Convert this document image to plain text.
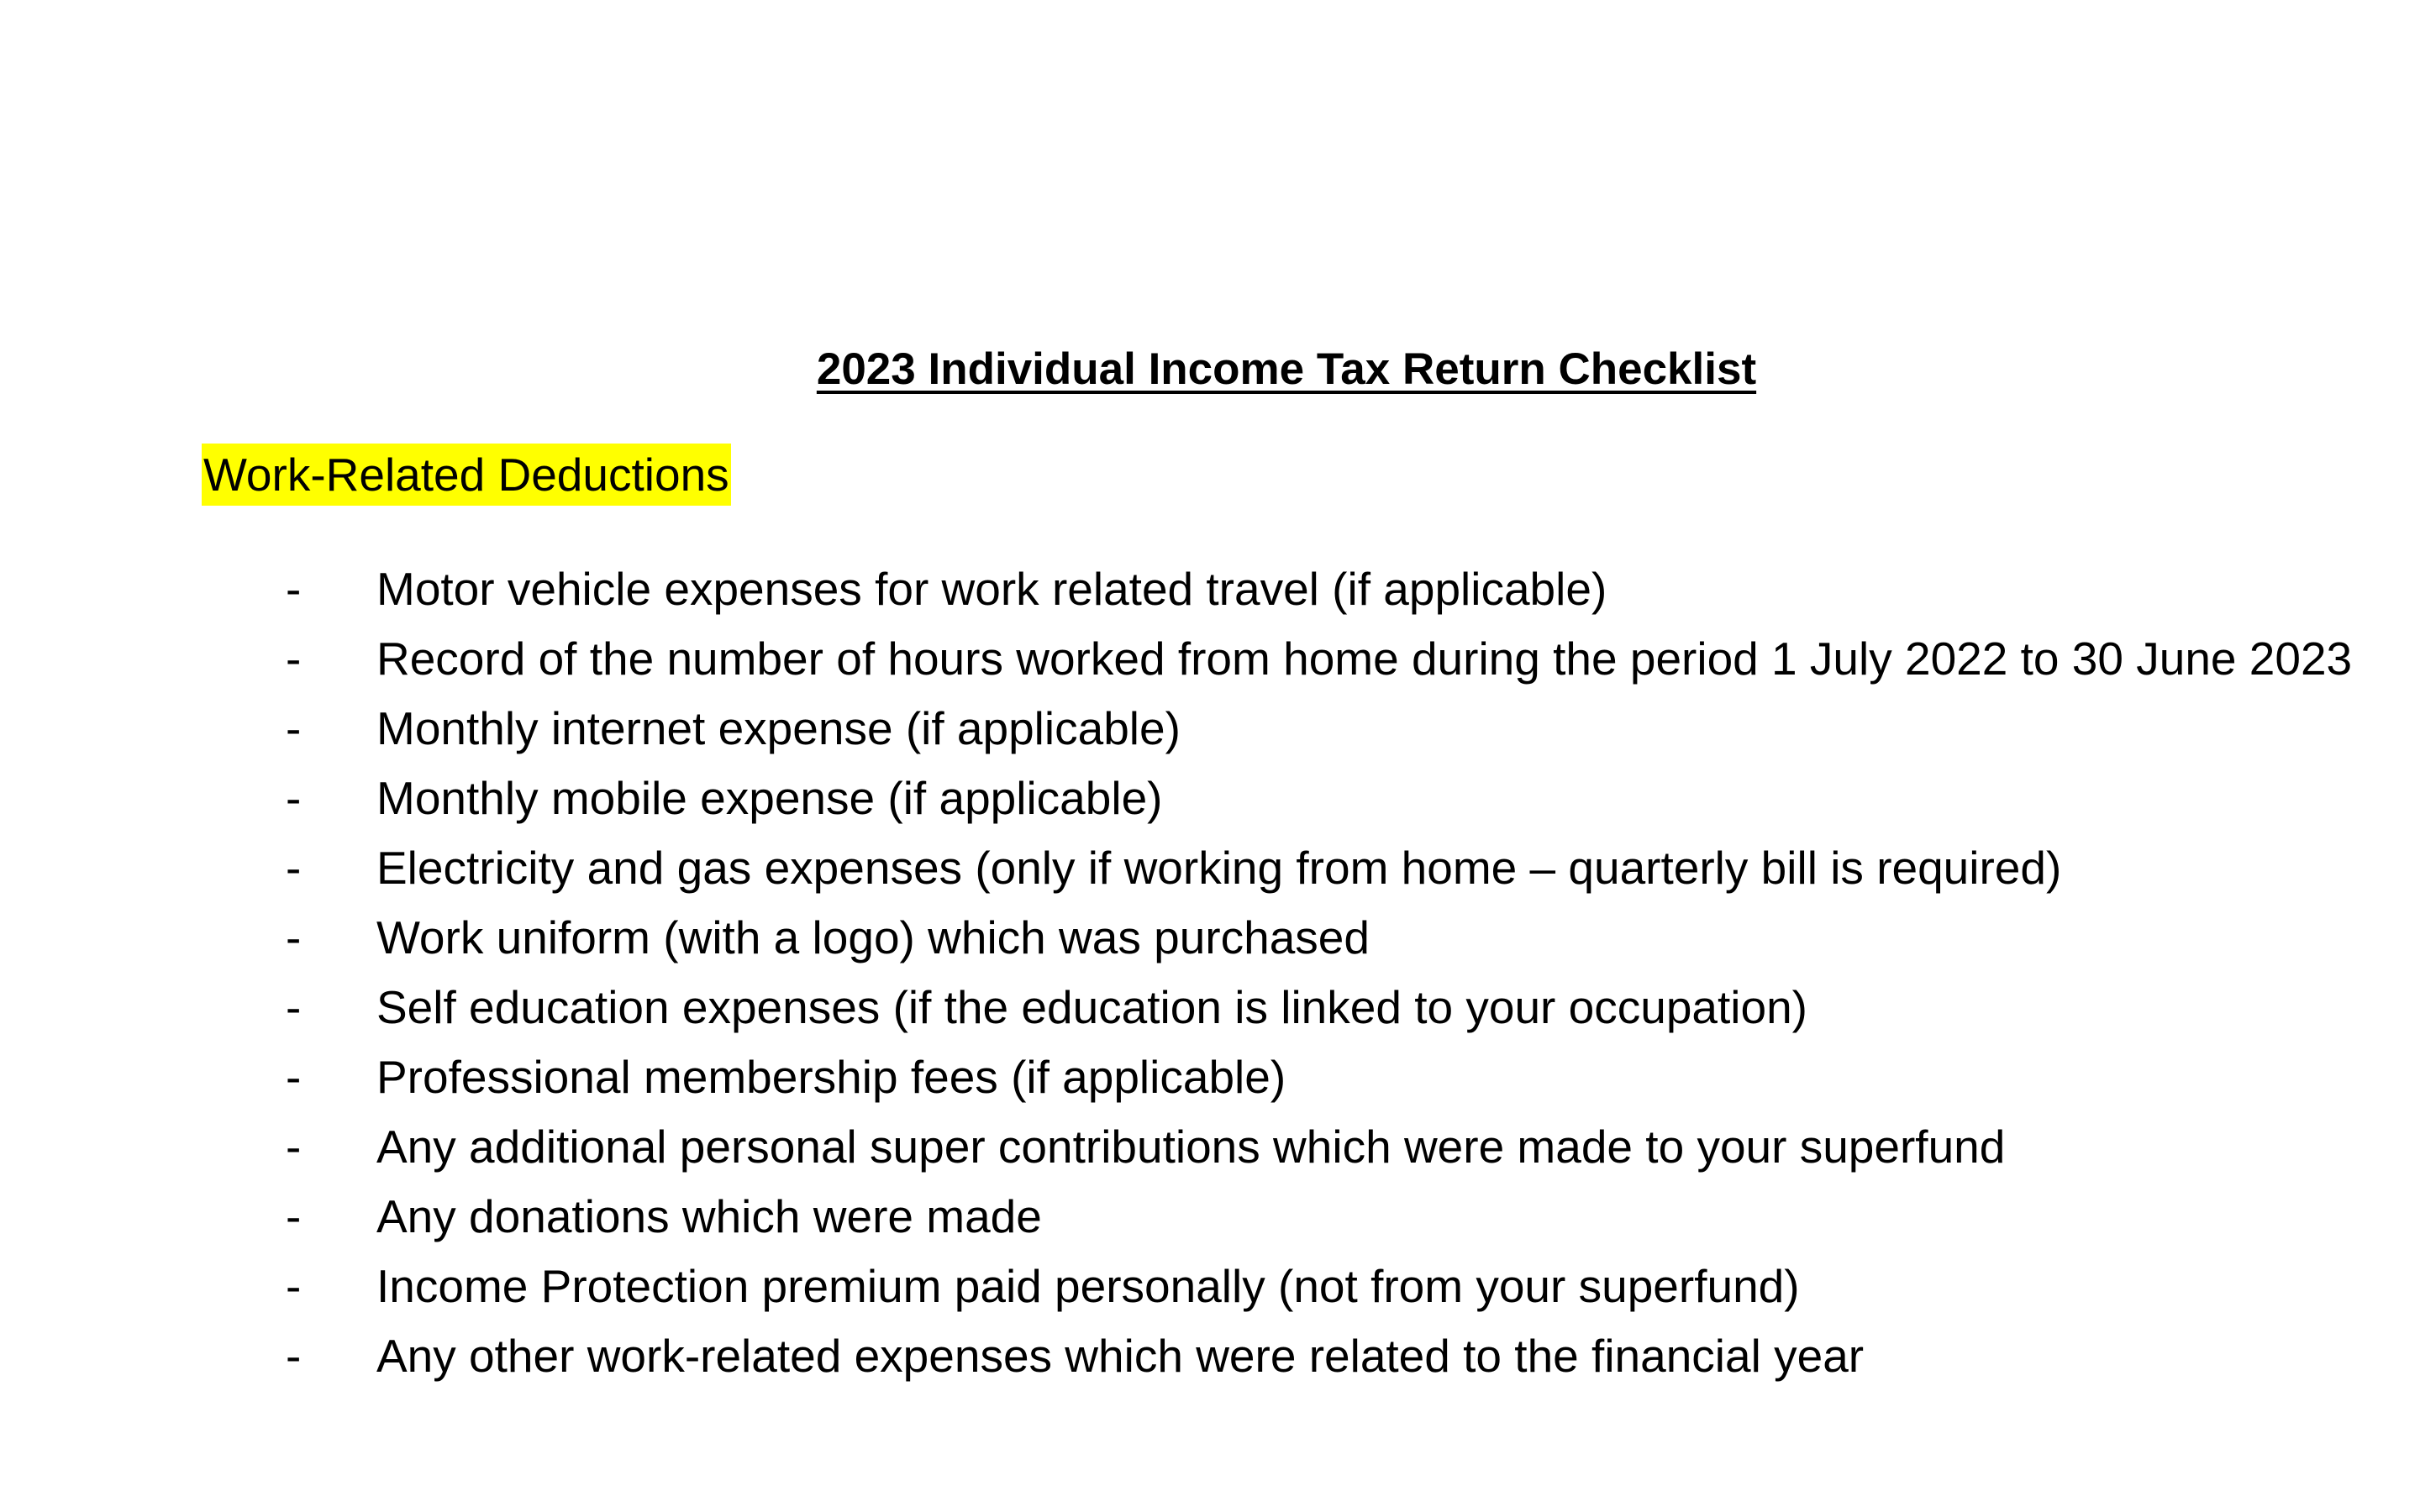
2023 Individual Income Tax Return Checklist

Work-Related Deductions

- Motor vehicle expenses for work related travel (if applicable)
- Record of the number of hours worked from home during the period 1 July 2022 to 30 June 2023
- Monthly internet expense (if applicable)
- Monthly mobile expense (if applicable)
- Electricity and gas expenses (only if working from home – quarterly bill is required)
- Work uniform (with a logo) which was purchased
- Self education expenses (if the education is linked to your occupation)
- Professional membership fees (if applicable)
- Any additional personal super contributions which were made to your superfund
- Any donations which were made
- Income Protection premium paid personally (not from your superfund)
- Any other work-related expenses which were related to the financial year
